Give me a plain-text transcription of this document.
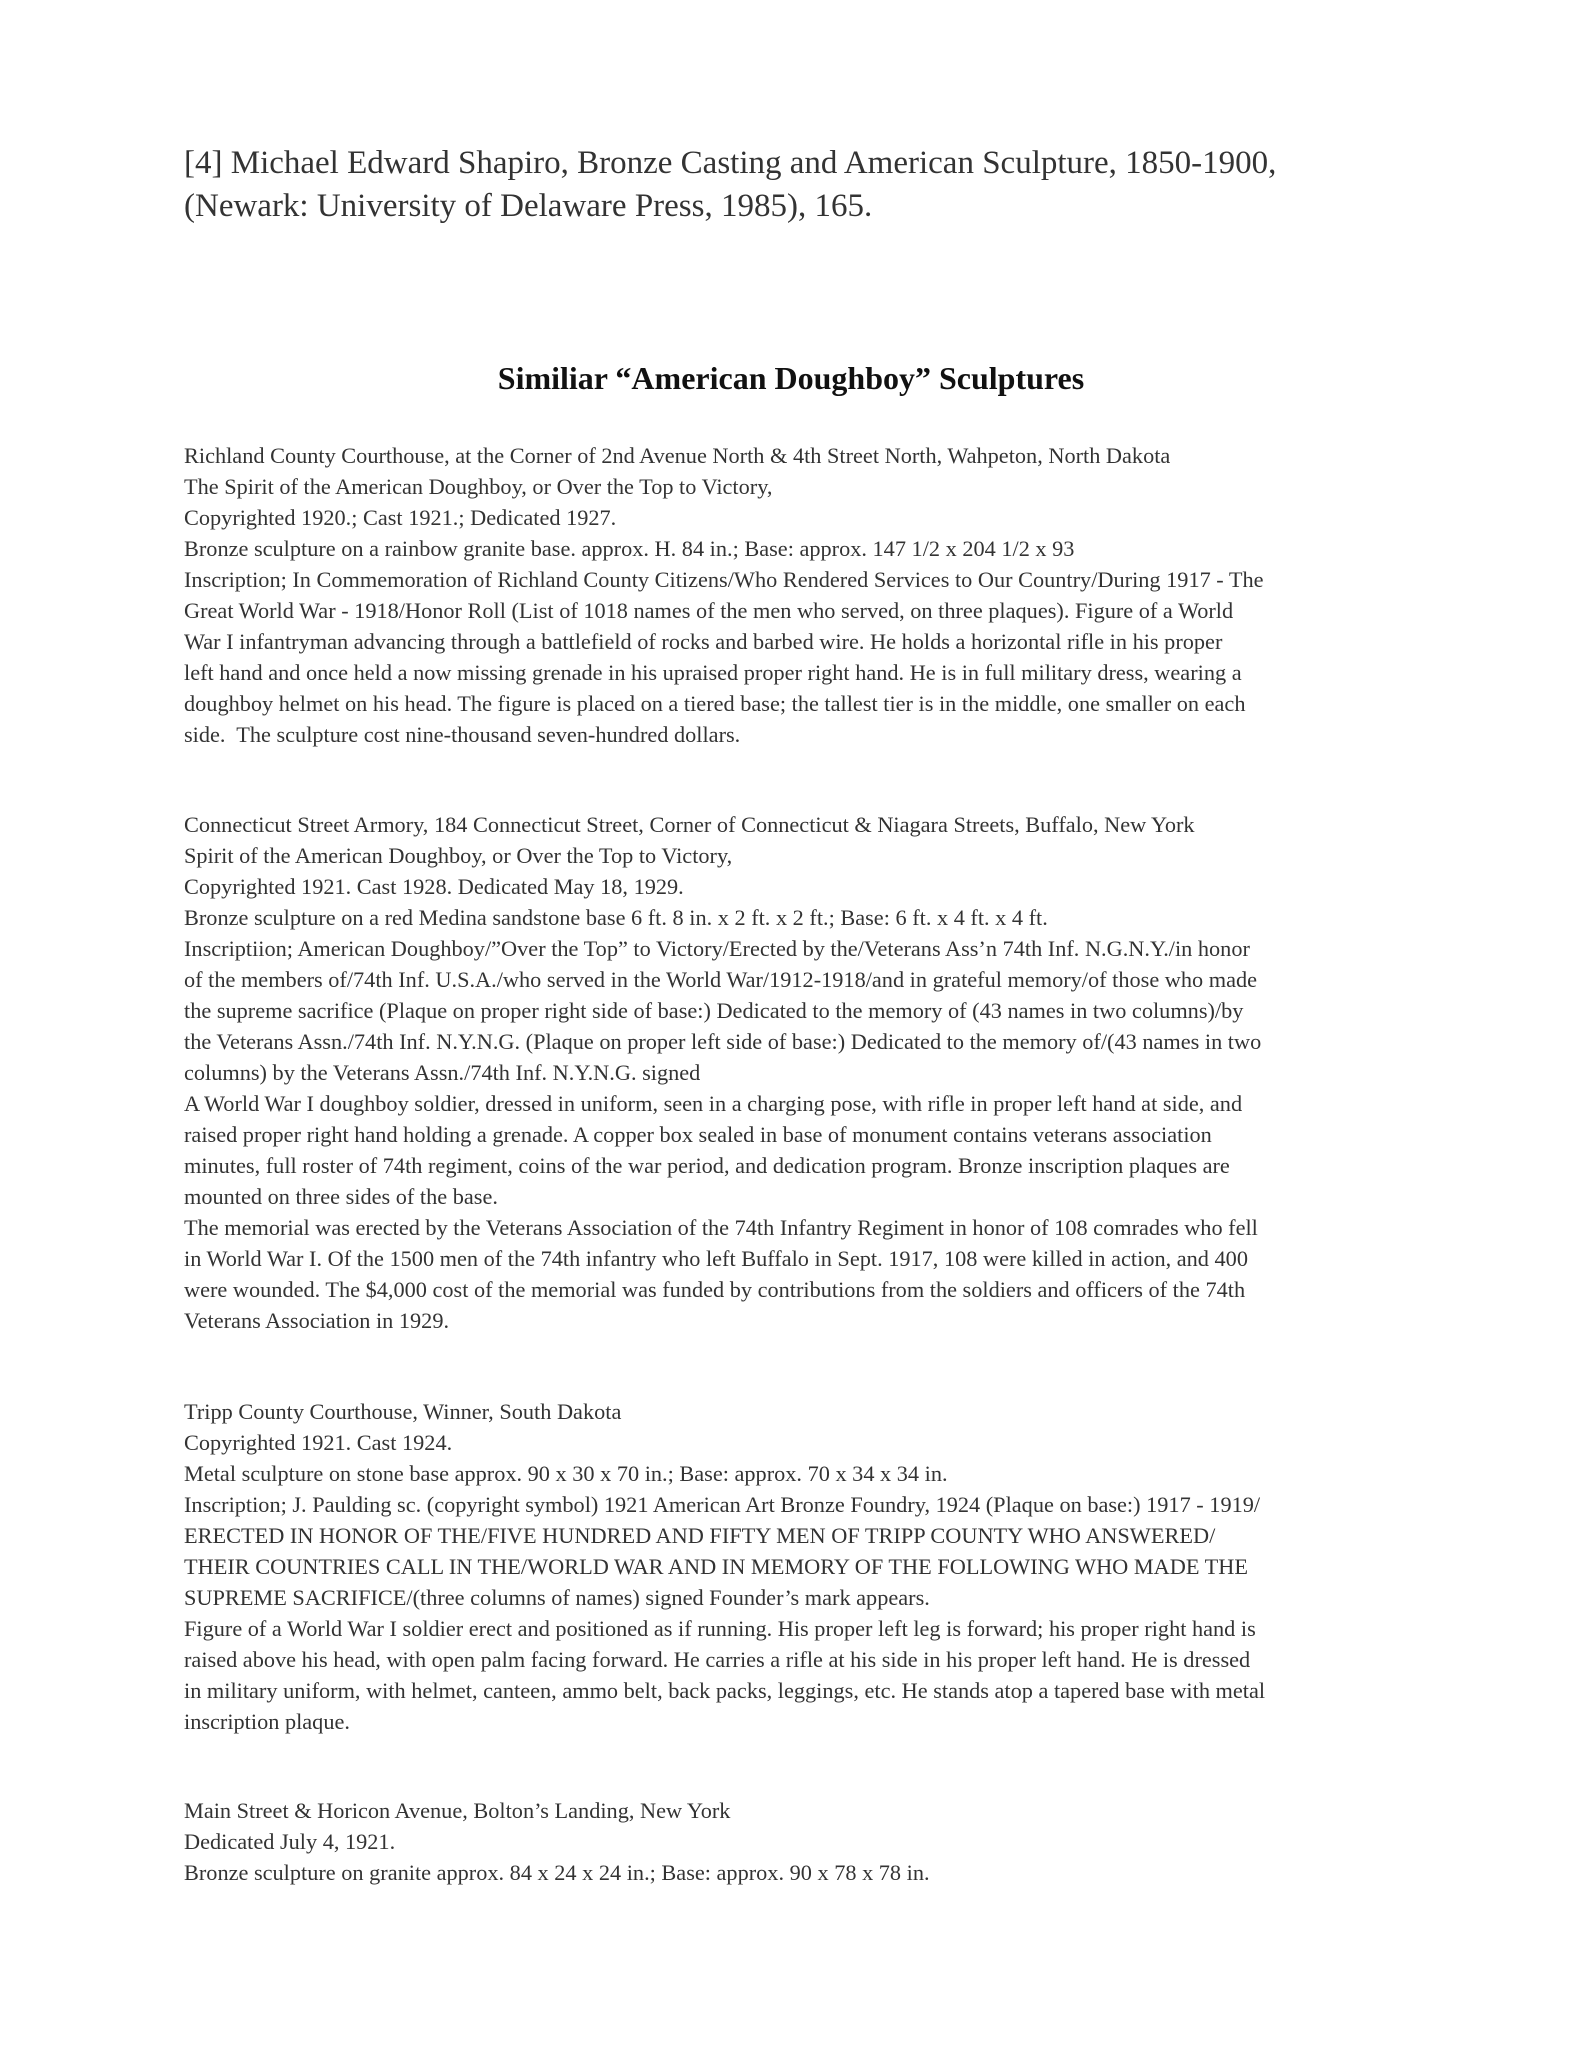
[4] Michael Edward Shapiro, Bronze Casting and American Sculpture, 1850-1900,
(Newark: University of Delaware Press, 1985), 165.
Similiar “American Doughboy” Sculptures
Richland County Courthouse, at the Corner of 2nd Avenue North & 4th Street North, Wahpeton, North Dakota
The Spirit of the American Doughboy, or Over the Top to Victory,
Copyrighted 1920.; Cast 1921.; Dedicated 1927.
Bronze sculpture on a rainbow granite base. approx. H. 84 in.; Base: approx. 147 1/2 x 204 1/2 x 93
Inscription; In Commemoration of Richland County Citizens/Who Rendered Services to Our Country/During 1917 - The
Great World War - 1918/Honor Roll (List of 1018 names of the men who served, on three plaques). Figure of a World
War I infantryman advancing through a battlefield of rocks and barbed wire. He holds a horizontal rifle in his proper
left hand and once held a now missing grenade in his upraised proper right hand. He is in full military dress, wearing a
doughboy helmet on his head. The figure is placed on a tiered base; the tallest tier is in the middle, one smaller on each
side.  The sculpture cost nine-thousand seven-hundred dollars.
Connecticut Street Armory, 184 Connecticut Street, Corner of Connecticut & Niagara Streets, Buffalo, New York
Spirit of the American Doughboy, or Over the Top to Victory,
Copyrighted 1921. Cast 1928. Dedicated May 18, 1929.
Bronze sculpture on a red Medina sandstone base 6 ft. 8 in. x 2 ft. x 2 ft.; Base: 6 ft. x 4 ft. x 4 ft.
Inscriptiion; American Doughboy/”Over the Top” to Victory/Erected by the/Veterans Ass’n 74th Inf. N.G.N.Y./in honor
of the members of/74th Inf. U.S.A./who served in the World War/1912-1918/and in grateful memory/of those who made
the supreme sacrifice (Plaque on proper right side of base:) Dedicated to the memory of (43 names in two columns)/by
the Veterans Assn./74th Inf. N.Y.N.G. (Plaque on proper left side of base:) Dedicated to the memory of/(43 names in two
columns) by the Veterans Assn./74th Inf. N.Y.N.G. signed
A World War I doughboy soldier, dressed in uniform, seen in a charging pose, with rifle in proper left hand at side, and
raised proper right hand holding a grenade. A copper box sealed in base of monument contains veterans association
minutes, full roster of 74th regiment, coins of the war period, and dedication program. Bronze inscription plaques are
mounted on three sides of the base.
The memorial was erected by the Veterans Association of the 74th Infantry Regiment in honor of 108 comrades who fell
in World War I. Of the 1500 men of the 74th infantry who left Buffalo in Sept. 1917, 108 were killed in action, and 400
were wounded. The $4,000 cost of the memorial was funded by contributions from the soldiers and officers of the 74th
Veterans Association in 1929.
Tripp County Courthouse, Winner, South Dakota
Copyrighted 1921. Cast 1924.
Metal sculpture on stone base approx. 90 x 30 x 70 in.; Base: approx. 70 x 34 x 34 in.
Inscription; J. Paulding sc. (copyright symbol) 1921 American Art Bronze Foundry, 1924 (Plaque on base:) 1917 - 1919/
ERECTED IN HONOR OF THE/FIVE HUNDRED AND FIFTY MEN OF TRIPP COUNTY WHO ANSWERED/
THEIR COUNTRIES CALL IN THE/WORLD WAR AND IN MEMORY OF THE FOLLOWING WHO MADE THE
SUPREME SACRIFICE/(three columns of names) signed Founder’s mark appears.
Figure of a World War I soldier erect and positioned as if running. His proper left leg is forward; his proper right hand is
raised above his head, with open palm facing forward. He carries a rifle at his side in his proper left hand. He is dressed
in military uniform, with helmet, canteen, ammo belt, back packs, leggings, etc. He stands atop a tapered base with metal
inscription plaque.
Main Street & Horicon Avenue, Bolton’s Landing, New York
Dedicated July 4, 1921.
Bronze sculpture on granite approx. 84 x 24 x 24 in.; Base: approx. 90 x 78 x 78 in.
